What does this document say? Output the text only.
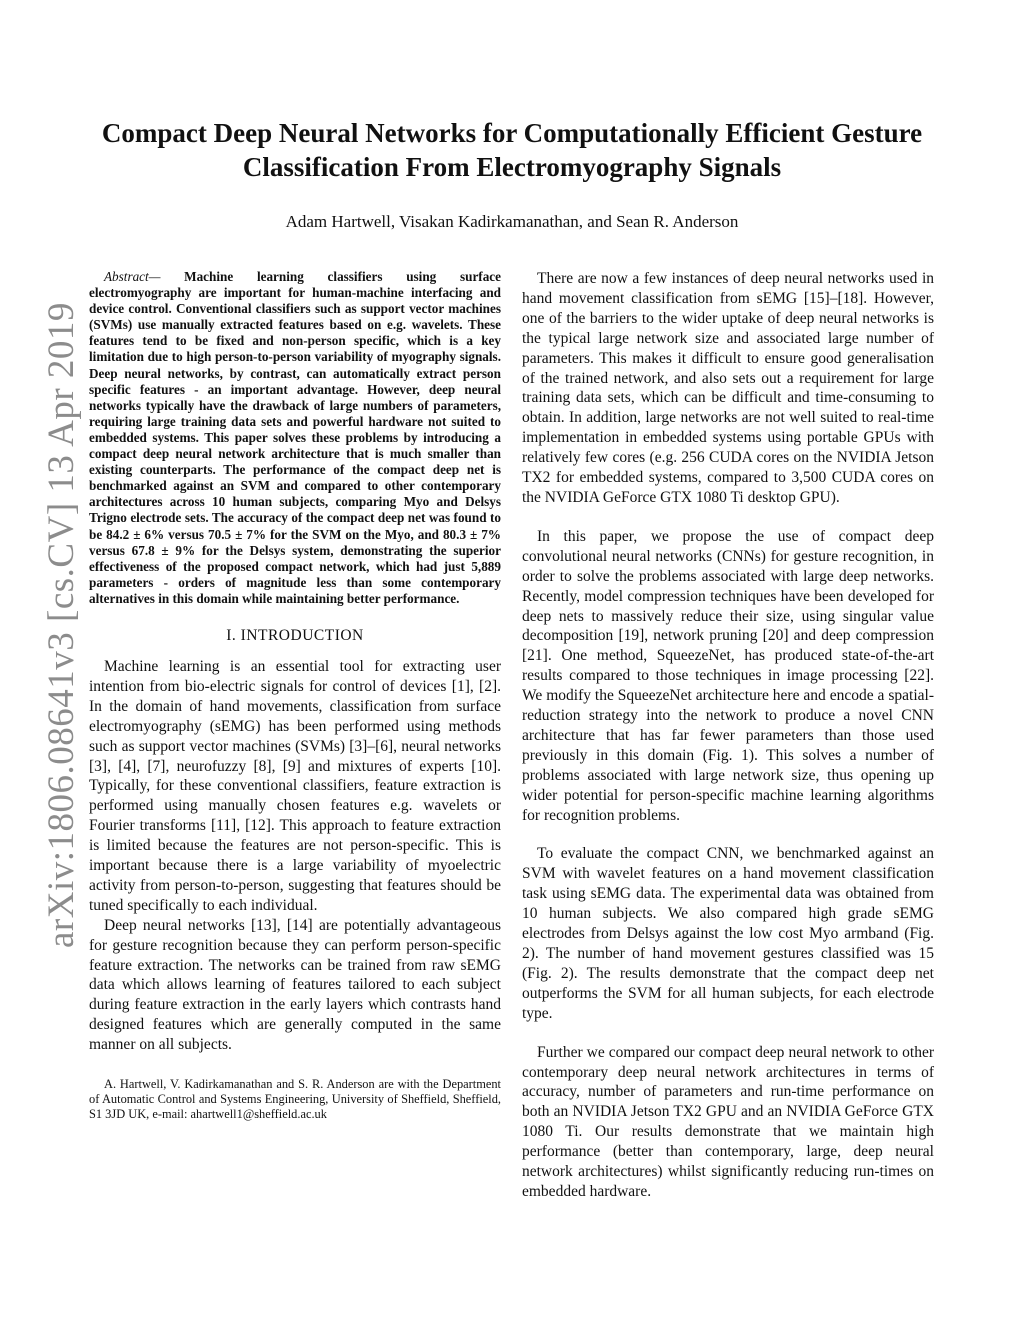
arXiv:1806.08641v3 [cs.CV] 13 Apr 2019
Compact Deep Neural Networks for Computationally Efficient Gesture
Classification From Electromyography Signals
Adam Hartwell, Visakan Kadirkamanathan, and Sean R. Anderson

Abstract— Machine learning classifiers using surface electromyography are important for human-machine interfacing and device control. Conventional classifiers such as support vector machines (SVMs) use manually extracted features based on e.g. wavelets. These features tend to be fixed and non-person specific, which is a key limitation due to high person-to-person variability of myography signals. Deep neural networks, by contrast, can automatically extract person specific features - an important advantage. However, deep neural networks typically have the drawback of large numbers of parameters, requiring large training data sets and powerful hardware not suited to embedded systems. This paper solves these problems by introducing a compact deep neural network architecture that is much smaller than existing counterparts. The performance of the compact deep net is benchmarked against an SVM and compared to other contemporary architectures across 10 human subjects, comparing Myo and Delsys Trigno electrode sets. The accuracy of the compact deep net was found to be 84.2 ± 6% versus 70.5 ± 7% for the SVM on the Myo, and 80.3 ± 7% versus 67.8 ± 9% for the Delsys system, demonstrating the superior effectiveness of the proposed compact network, which had just 5,889 parameters - orders of magnitude less than some contemporary alternatives in this domain while maintaining better performance.

I. INTRODUCTION

Machine learning is an essential tool for extracting user intention from bio-electric signals for control of devices [1], [2]. In the domain of hand movements, classification from surface electromyography (sEMG) has been performed using methods such as support vector machines (SVMs) [3]–[6], neural networks [3], [4], [7], neurofuzzy [8], [9] and mixtures of experts [10]. Typically, for these conventional classifiers, feature extraction is performed using manually chosen features e.g. wavelets or Fourier transforms [11], [12]. This approach to feature extraction is limited because the features are not person-specific. This is important because there is a large variability of myoelectric activity from person-to-person, suggesting that features should be tuned specifically to each individual.

Deep neural networks [13], [14] are potentially advantageous for gesture recognition because they can perform person-specific feature extraction. The networks can be trained from raw sEMG data which allows learning of features tailored to each subject during feature extraction in the early layers which contrasts hand designed features which are generally computed in the same manner on all subjects.

A. Hartwell, V. Kadirkamanathan and S. R. Anderson are with the Department of Automatic Control and Systems Engineering, University of Sheffield, Sheffield, S1 3JD UK, e-mail: ahartwell1@sheffield.ac.uk

There are now a few instances of deep neural networks used in hand movement classification from sEMG [15]–[18]. However, one of the barriers to the wider uptake of deep neural networks is the typical large network size and associated large number of parameters. This makes it difficult to ensure good generalisation of the trained network, and also sets out a requirement for large training data sets, which can be difficult and time-consuming to obtain. In addition, large networks are not well suited to real-time implementation in embedded systems using portable GPUs with relatively few cores (e.g. 256 CUDA cores on the NVIDIA Jetson TX2 for embedded systems, compared to 3,500 CUDA cores on the NVIDIA GeForce GTX 1080 Ti desktop GPU).

In this paper, we propose the use of compact deep convolutional neural networks (CNNs) for gesture recognition, in order to solve the problems associated with large deep networks. Recently, model compression techniques have been developed for deep nets to massively reduce their size, using singular value decomposition [19], network pruning [20] and deep compression [21]. One method, SqueezeNet, has produced state-of-the-art results compared to those techniques in image processing [22]. We modify the SqueezeNet architecture here and encode a spatial-reduction strategy into the network to produce a novel CNN architecture that has far fewer parameters than those used previously in this domain (Fig. 1). This solves a number of problems associated with large network size, thus opening up wider potential for person-specific machine learning algorithms for recognition problems.

To evaluate the compact CNN, we benchmarked against an SVM with wavelet features on a hand movement classification task using sEMG data. The experimental data was obtained from 10 human subjects. We also compared high grade sEMG electrodes from Delsys against the low cost Myo armband (Fig. 2). The number of hand movement gestures classified was 15 (Fig. 2). The results demonstrate that the compact deep net outperforms the SVM for all human subjects, for each electrode type.

Further we compared our compact deep neural network to other contemporary deep neural network architectures in terms of accuracy, number of parameters and run-time performance on both an NVIDIA Jetson TX2 GPU and an NVIDIA GeForce GTX 1080 Ti. Our results demonstrate that we maintain high performance (better than contemporary, large, deep neural network architectures) whilst significantly reducing run-times on embedded hardware.
